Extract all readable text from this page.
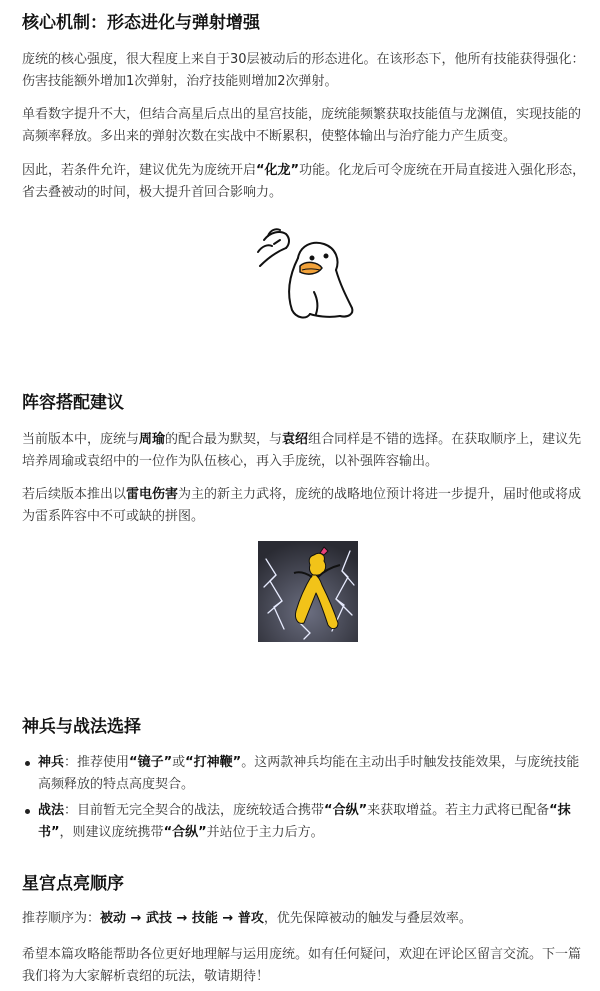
核心机制：形态进化与弹射增强

庞统的核心强度，很大程度上来自于30层被动后的形态进化。在该形态下，他所有技能获得强化：伤害技能额外增加1次弹射，治疗技能则增加2次弹射。

单看数字提升不大，但结合高星后点出的星宫技能，庞统能频繁获取技能值与龙渊值，实现技能的高频率释放。多出来的弹射次数在实战中不断累积，使整体输出与治疗能力产生质变。

因此，若条件允许，建议优先为庞统开启“化龙”功能。化龙后可令庞统在开局直接进入强化形态，省去叠被动的时间，极大提升首回合影响力。

阵容搭配建议

当前版本中，庞统与周瑜的配合最为默契，与袁绍组合同样是不错的选择。在获取顺序上，建议先培养周瑜或袁绍中的一位作为队伍核心，再入手庞统，以补强阵容输出。

若后续版本推出以雷电伤害为主的新主力武将，庞统的战略地位预计将进一步提升，届时他或将成为雷系阵容中不可或缺的拼图。

神兵与战法选择
神兵：推荐使用“镜子”或“打神鞭”。这两款神兵均能在主动出手时触发技能效果，与庞统技能高频释放的特点高度契合。
战法：目前暂无完全契合的战法，庞统较适合携带“合纵”来获取增益。若主力武将已配备“抹书”，则建议庞统携带“合纵”并站位于主力后方。
星宫点亮顺序

推荐顺序为：被动 → 武技 → 技能 → 普攻，优先保障被动的触发与叠层效率。

希望本篇攻略能帮助各位更好地理解与运用庞统。如有任何疑问，欢迎在评论区留言交流。下一篇我们将为大家解析袁绍的玩法，敬请期待！
